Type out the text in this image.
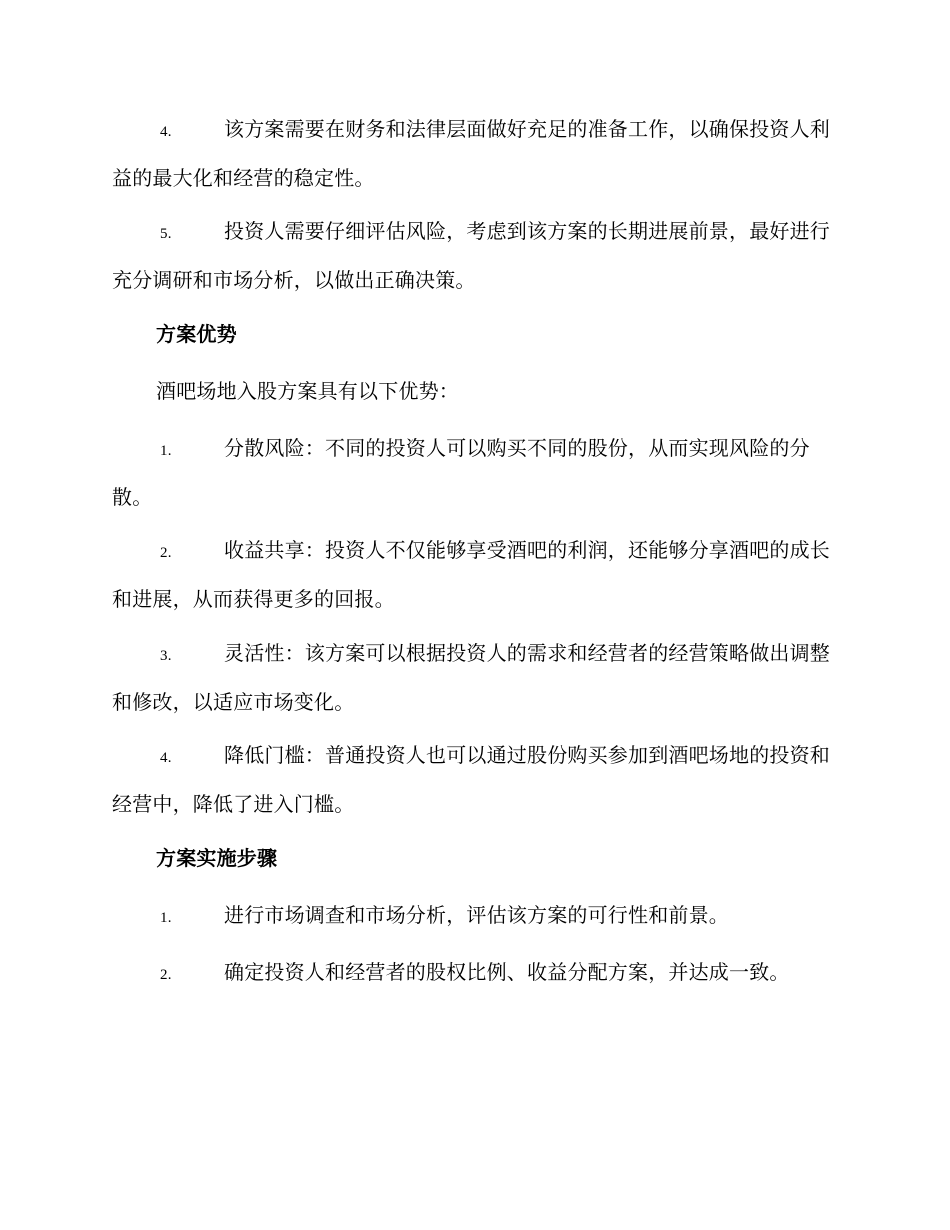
4.	该方案需要在财务和法律层面做好充足的准备工作，以确保投资人利益的最大化和经营的稳定性。
5.	投资人需要仔细评估风险，考虑到该方案的长期进展前景，最好进行充分调研和市场分析，以做出正确决策。
方案优势
酒吧场地入股方案具有以下优势：
1.	分散风险：不同的投资人可以购买不同的股份，从而实现风险的分散。
2.	收益共享：投资人不仅能够享受酒吧的利润，还能够分享酒吧的成长和进展，从而获得更多的回报。
3.	灵活性：该方案可以根据投资人的需求和经营者的经营策略做出调整和修改，以适应市场变化。
4.	降低门槛：普通投资人也可以通过股份购买参加到酒吧场地的投资和经营中，降低了进入门槛。
方案实施步骤
1.	进行市场调查和市场分析，评估该方案的可行性和前景。
2.	确定投资人和经营者的股权比例、收益分配方案，并达成一致。
